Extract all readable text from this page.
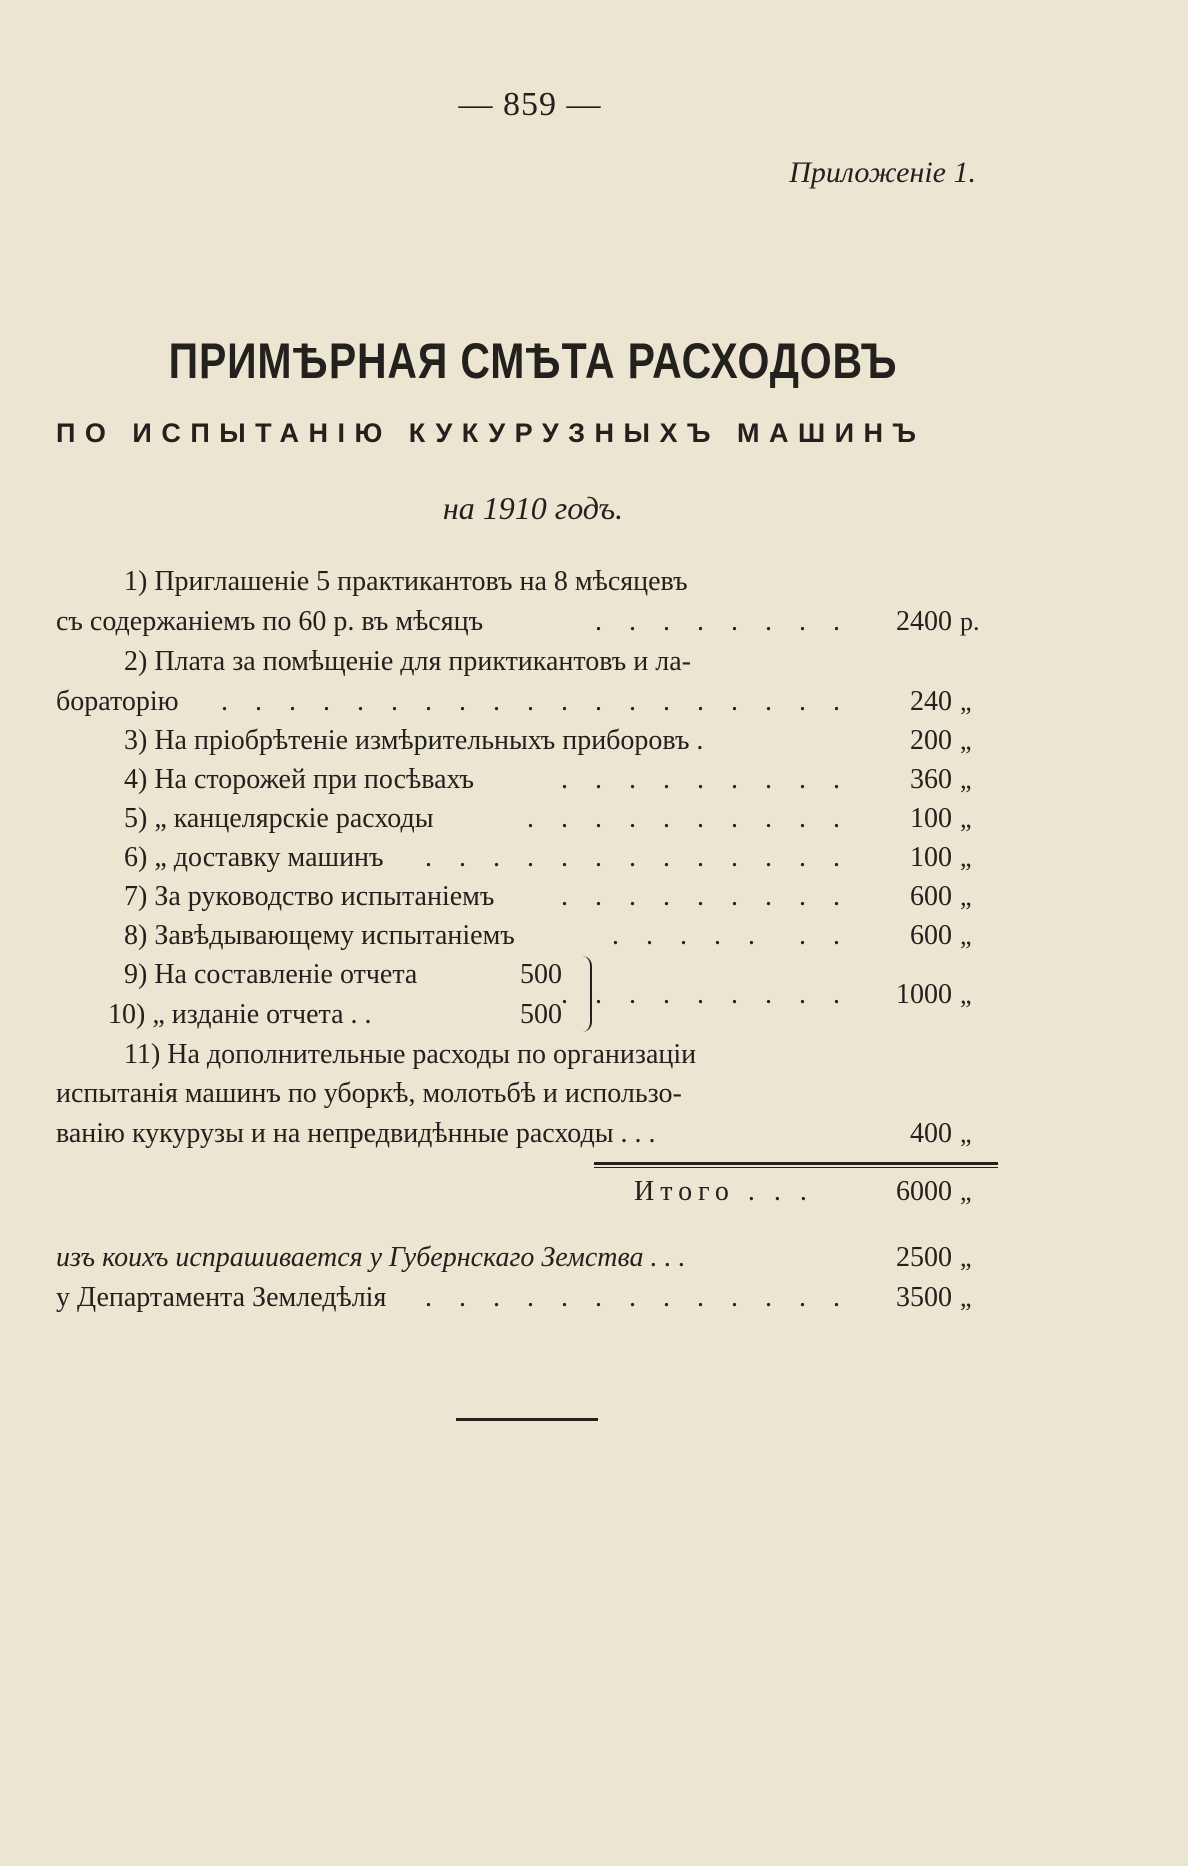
— 859 —
Приложенiе 1.
ПРИМѢРНАЯ СМѢТА РАСХОДОВЪ
ПО ИСПЫТАНIЮ КУКУРУЗНЫХЪ МАШИНЪ
на 1910 годъ.
1) Приглашенiе 5 практикантовъ на 8 мѣсяцевъ
съ содержанiемъ по 60 р. въ мѣсяцъ	. . . . . . . .	2400 р.
2) Плата за помѣщенiе для приктикантовъ и ла-
бораторiю	. . . . . . . . . . . . . . . . . . .	240 „
3) На прiобрѣтенiе измѣрительныхъ приборовъ .	200 „
4) На сторожей при посѣвахъ	. . . . . . . . .	360 „
5) „ канцелярскiе расходы	. . . . . . . . . .	100 „
6) „ доставку машинъ	. . . . . . . . . . . . .	100 „
7) За руководство испытанiемъ	. . . . . . . . .	600 „
8) Завѣдывающему испытанiемъ	. . . . .  . .	600 „
9) На составленiе отчета	500
10) „ изданiе отчета . .	500
. . . . . . . . .	1000 „
11) На дополнительные расходы по организацiи
испытанiя машинъ по уборкѣ, молотьбѣ и использо-
ванiю кукурузы и на непредвидѣнные расходы . . .	400 „
Итого . . .	6000 „
изъ коихъ испрашивается у Губернскаго Земства . . .	2500 „
у Департамента Земледѣлiя	. . . . . . . . . . . . .	3500 „
